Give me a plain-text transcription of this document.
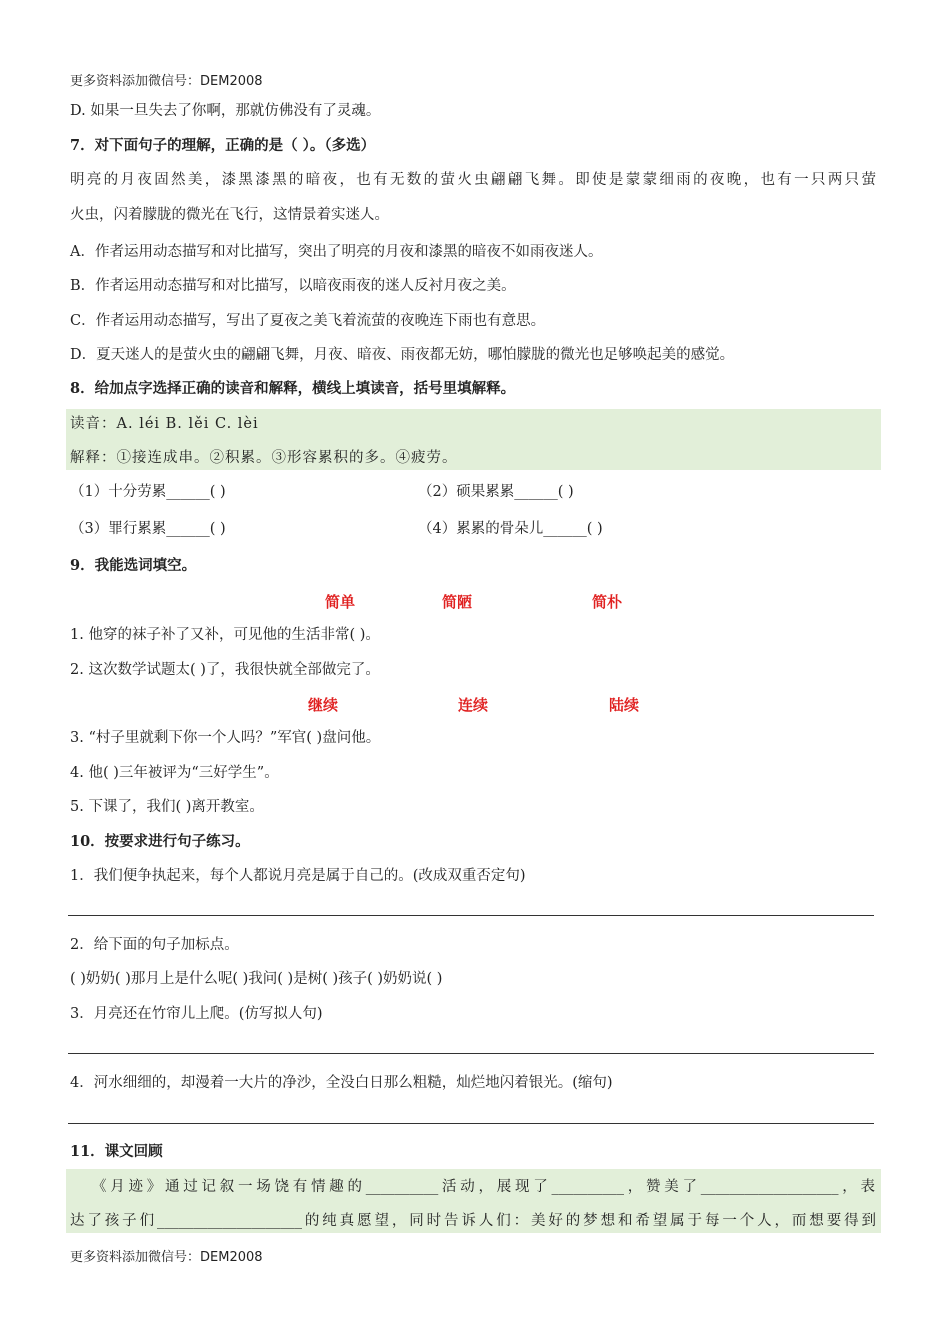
更多资料添加微信号：DEM2008
D. 如果一旦失去了你啊，那就仿佛没有了灵魂。
7．对下面句子的理解，正确的是（ ）。（多选）
明亮的月夜固然美，漆黑漆黑的暗夜，也有无数的萤火虫翩翩飞舞。即使是蒙蒙细雨的夜晚，也有一只两只萤
火虫，闪着朦胧的微光在飞行，这情景着实迷人。
A．作者运用动态描写和对比描写，突出了明亮的月夜和漆黑的暗夜不如雨夜迷人。
B．作者运用动态描写和对比描写，以暗夜雨夜的迷人反衬月夜之美。
C．作者运用动态描写，写出了夏夜之美飞着流萤的夜晚连下雨也有意思。
D．夏天迷人的是萤火虫的翩翩飞舞，月夜、暗夜、雨夜都无妨，哪怕朦胧的微光也足够唤起美的感觉。
8．给加点字选择正确的读音和解释，横线上填读音，括号里填解释。
读音：A. léi B. lěi C. lèi
解释：①接连成串。②积累。③形容累积的多。④疲劳。
（1）十分劳累______( )	（2）硕果累累______( )
（3）罪行累累______( )	（4）累累的骨朵儿______( )
9．我能选词填空。
简单	简陋	简朴
1. 他穿的袜子补了又补，可见他的生活非常( )。
2. 这次数学试题太( )了，我很快就全部做完了。
继续	连续	陆续
3. “村子里就剩下你一个人吗？”军官( )盘问他。
4. 他( )三年被评为“三好学生”。
5. 下课了，我们( )离开教室。
10．按要求进行句子练习。
1．我们便争执起来，每个人都说月亮是属于自己的。(改成双重否定句)
2．给下面的句子加标点。
( )奶奶( )那月上是什么呢( )我问( )是树( )孩子( )奶奶说( )
3．月亮还在竹帘儿上爬。(仿写拟人句)
4．河水细细的，却漫着一大片的净沙，全没白日那么粗糙，灿烂地闪着银光。(缩句)
11．课文回顾
《月迹》通过记叙一场饶有情趣的__________活动，展现了__________，赞美了___________________，表
达了孩子们____________________的纯真愿望，同时告诉人们：美好的梦想和希望属于每一个人，而想要得到
更多资料添加微信号：DEM2008
